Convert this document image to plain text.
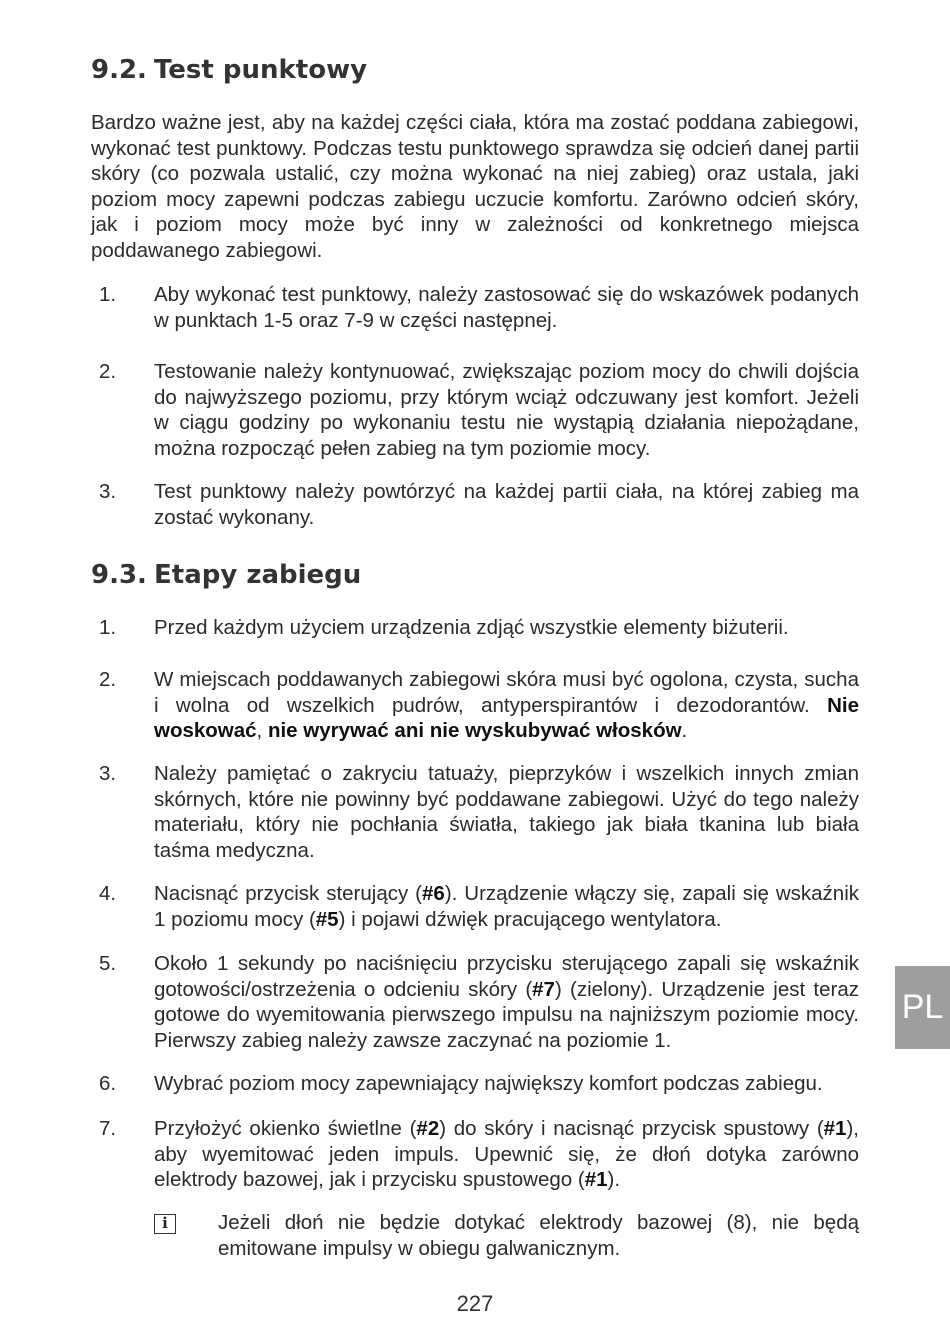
9.2. Test punktowy

Bardzo ważne jest, aby na każdej części ciała, która ma zostać poddana zabiegowi, wykonać test punktowy. Podczas testu punktowego sprawdza się odcień danej partii skóry (co pozwala ustalić, czy można wykonać na niej zabieg) oraz ustala, jaki poziom mocy zapewni podczas zabiegu uczucie komfortu. Zarówno odcień skóry, jak i poziom mocy może być inny w zależności od konkretnego miejsca poddawanego zabiegowi.

1. Aby wykonać test punktowy, należy zastosować się do wskazówek podanych w punktach 1-5 oraz 7-9 w części następnej.

2. Testowanie należy kontynuować, zwiększając poziom mocy do chwili dojścia do najwyższego poziomu, przy którym wciąż odczuwany jest komfort. Jeżeli w ciągu godziny po wykonaniu testu nie wystąpią działania niepożądane, można rozpocząć pełen zabieg na tym poziomie mocy.

3. Test punktowy należy powtórzyć na każdej partii ciała, na której zabieg ma zostać wykonany.

9.3. Etapy zabiegu
1. Przed każdym użyciem urządzenia zdjąć wszystkie elementy biżuterii.

2. W miejscach poddawanych zabiegowi skóra musi być ogolona, czysta, sucha i wolna od wszelkich pudrów, antyperspirantów i dezodorantów. Nie woskować, nie wyrywać ani nie wyskubywać włosków.

3. Należy pamiętać o zakryciu tatuaży, pieprzyków i wszelkich innych zmian skórnych, które nie powinny być poddawane zabiegowi. Użyć do tego należy materiału, który nie pochłania światła, takiego jak biała tkanina lub biała taśma medyczna.

4. Nacisnąć przycisk sterujący (#6). Urządzenie włączy się, zapali się wskaźnik 1 poziomu mocy (#5) i pojawi dźwięk pracującego wentylatora.

5. Około 1 sekundy po naciśnięciu przycisku sterującego zapali się wskaźnik gotowości/ostrzeżenia o odcieniu skóry (#7) (zielony). Urządzenie jest teraz gotowe do wyemitowania pierwszego impulsu na najniższym poziomie mocy. Pierwszy zabieg należy zawsze zaczynać na poziomie 1.

6. Wybrać poziom mocy zapewniający największy komfort podczas zabiegu.

7. Przyłożyć okienko świetlne (#2) do skóry i nacisnąć przycisk spustowy (#1), aby wyemitować jeden impuls. Upewnić się, że dłoń dotyka zarówno elektrody bazowej, jak i przycisku spustowego (#1).

i	Jeżeli dłoń nie będzie dotykać elektrody bazowej (8), nie będą emitowane impulsy w obiegu galwanicznym.

PL
227
